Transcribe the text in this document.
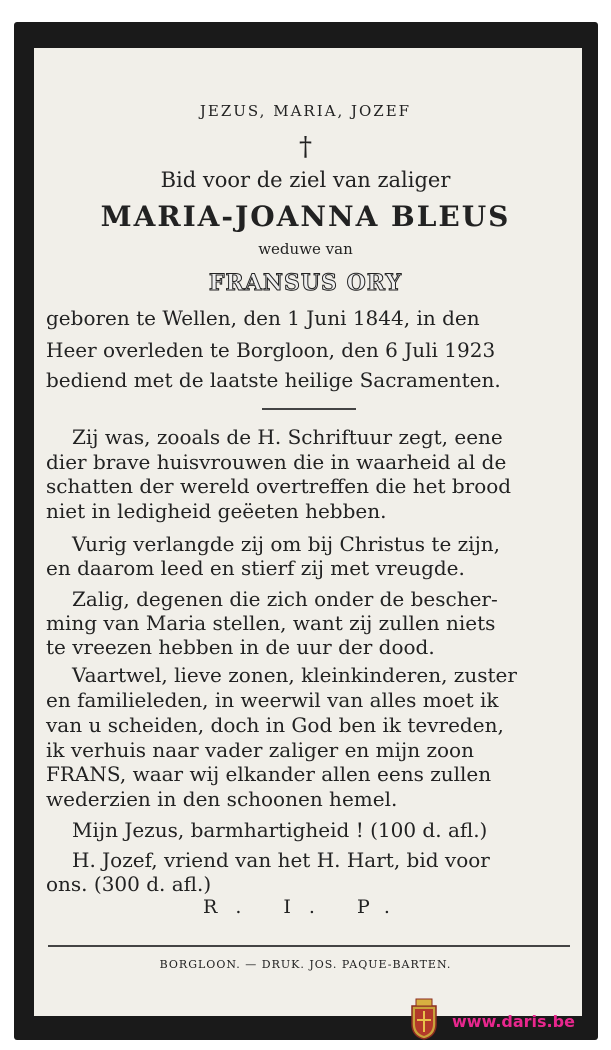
JEZUS, MARIA, JOZEF
†
Bid voor de ziel van zaliger
MARIA-JOANNA BLEUS
weduwe van
FRANSUS ORY
geboren te Wellen, den 1 Juni 1844, in den
Heer overleden te Borgloon, den 6 Juli 1923
bediend met de laatste heilige Sacramenten.
Zij was, zooals de H. Schriftuur zegt, eene
dier brave huisvrouwen die in waarheid al de
schatten der wereld overtreffen die het brood
niet in ledigheid geëeten hebben.
Vurig verlangde zij om bij Christus te zijn,
en daarom leed en stierf zij met vreugde.
Zalig, degenen die zich onder de bescher-
ming van Maria stellen, want zij zullen niets
te vreezen hebben in de uur der dood.
Vaartwel, lieve zonen, kleinkinderen, zuster
en familieleden, in weerwil van alles moet ik
van u scheiden, doch in God ben ik tevreden,
ik verhuis naar vader zaliger en mijn zoon
FRANS, waar wij elkander allen eens zullen
wederzien in den schoonen hemel.
Mijn Jezus, barmhartigheid ! (100 d. afl.)
H. Jozef, vriend van het H. Hart, bid voor
ons. (300 d. afl.)
R. I. P.
BORGLOON. — DRUK. JOS. PAQUE-BARTEN.
www.daris.be
